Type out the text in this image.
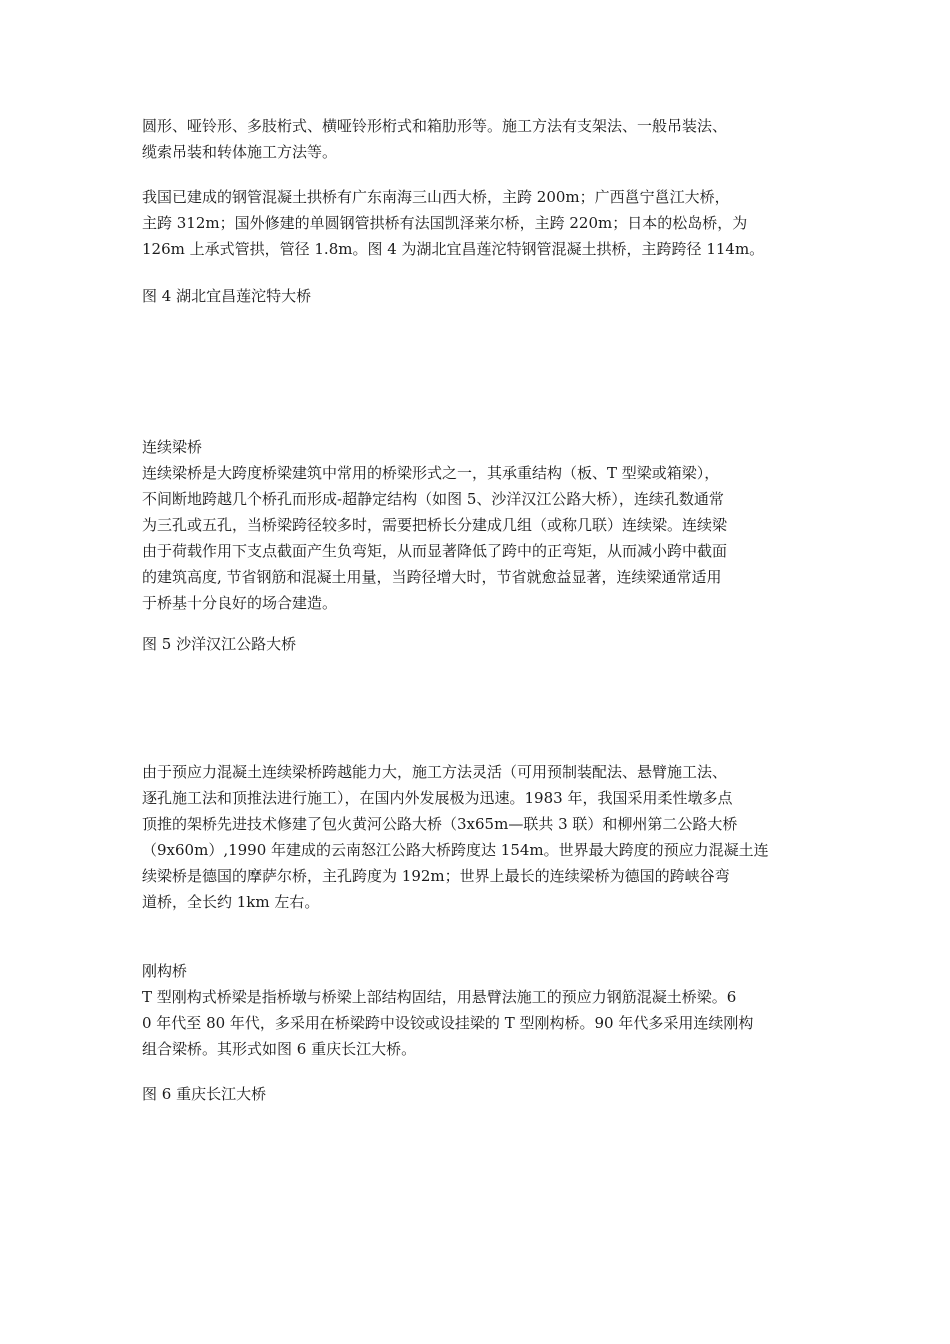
圆形、哑铃形、多肢桁式、横哑铃形桁式和箱肋形等。施工方法有支架法、一般吊装法、
缆索吊装和转体施工方法等。

我国已建成的钢管混凝土拱桥有广东南海三山西大桥，主跨 200m；广西邕宁邕江大桥，
主跨 312m；国外修建的单圆钢管拱桥有法国凯泽莱尔桥，主跨 220m；日本的松岛桥，为
126m 上承式管拱，管径 1.8m。图 4 为湖北宜昌莲沱特钢管混凝土拱桥，主跨跨径 114m。

图 4 湖北宜昌莲沱特大桥

连续梁桥
连续梁桥是大跨度桥梁建筑中常用的桥梁形式之一，其承重结构（板、T 型梁或箱梁），
不间断地跨越几个桥孔而形成-超静定结构（如图 5、沙洋汉江公路大桥），连续孔数通常
为三孔或五孔，当桥梁跨径较多时，需要把桥长分建成几组（或称几联）连续梁。连续梁
由于荷载作用下支点截面产生负弯矩，从而显著降低了跨中的正弯矩，从而减小跨中截面
的建筑高度, 节省钢筋和混凝土用量，当跨径增大时，节省就愈益显著，连续梁通常适用
于桥基十分良好的场合建造。

图 5 沙洋汉江公路大桥

由于预应力混凝土连续梁桥跨越能力大，施工方法灵活（可用预制装配法、悬臂施工法、
逐孔施工法和顶推法进行施工），在国内外发展极为迅速。1983 年，我国采用柔性墩多点
顶推的架桥先进技术修建了包火黄河公路大桥（3x65m—联共 3 联）和柳州第二公路大桥
（9x60m）,1990 年建成的云南怒江公路大桥跨度达 154m。世界最大跨度的预应力混凝土连
续梁桥是德国的摩萨尔桥，主孔跨度为 192m；世界上最长的连续梁桥为德国的跨峡谷弯
道桥，全长约 1km 左右。

刚构桥
T 型刚构式桥梁是指桥墩与桥梁上部结构固结，用悬臂法施工的预应力钢筋混凝土桥梁。6
0 年代至 80 年代，多采用在桥梁跨中设铰或设挂梁的 T 型刚构桥。90 年代多采用连续刚构
组合梁桥。其形式如图 6 重庆长江大桥。

图 6 重庆长江大桥
